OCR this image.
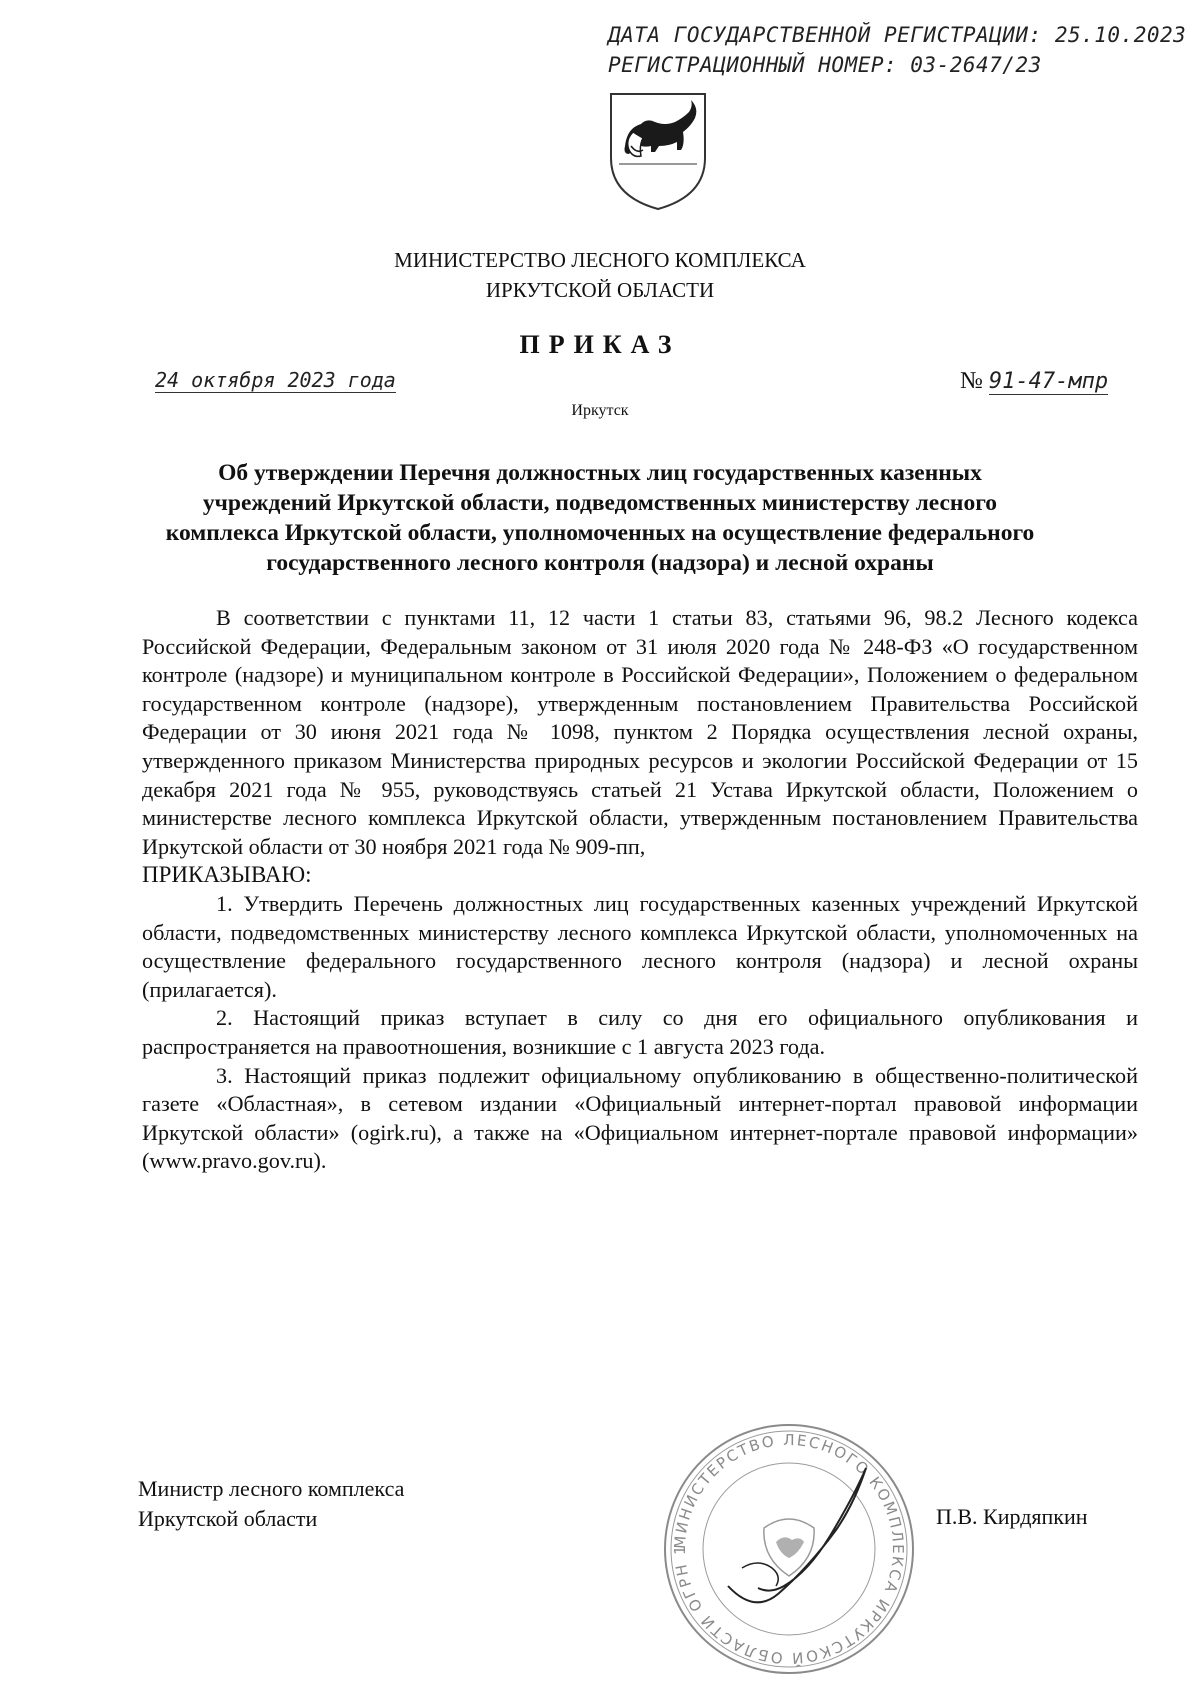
ДАТА ГОСУДАРСТВЕННОЙ РЕГИСТРАЦИИ: 25.10.2023
РЕГИСТРАЦИОННЫЙ НОМЕР: 03-2647/23
МИНИСТЕРСТВО ЛЕСНОГО КОМПЛЕКСА
ИРКУТСКОЙ ОБЛАСТИ
ПРИКАЗ
24 октября 2023 года	№ 91-47-мпр
Иркутск
Об утверждении Перечня должностных лиц государственных казенных учреждений Иркутской области, подведомственных министерству лесного комплекса Иркутской области, уполномоченных на осуществление федерального государственного лесного контроля (надзора) и лесной охраны

В соответствии с пунктами 11, 12 части 1 статьи 83, статьями 96, 98.2 Лесного кодекса Российской Федерации, Федеральным законом от 31 июля 2020 года № 248-ФЗ «О государственном контроле (надзоре) и муниципальном контроле в Российской Федерации», Положением о федеральном государственном контроле (надзоре), утвержденным постановлением Правительства Российской Федерации от 30 июня 2021 года № 1098, пунктом 2 Порядка осуществления лесной охраны, утвержденного приказом Министерства природных ресурсов и экологии Российской Федерации от 15 декабря 2021 года № 955, руководствуясь статьей 21 Устава Иркутской области, Положением о министерстве лесного комплекса Иркутской области, утвержденным постановлением Правительства Иркутской области от 30 ноября 2021 года № 909-пп,

ПРИКАЗЫВАЮ:

1. Утвердить Перечень должностных лиц государственных казенных учреждений Иркутской области, подведомственных министерству лесного комплекса Иркутской области, уполномоченных на осуществление федерального государственного лесного контроля (надзора) и лесной охраны (прилагается).

2. Настоящий приказ вступает в силу со дня его официального опубликования и распространяется на правоотношения, возникшие с 1 августа 2023 года.

3. Настоящий приказ подлежит официальному опубликованию в общественно-политической газете «Областная», в сетевом издании «Официальный интернет-портал правовой информации Иркутской области» (ogirk.ru), а также на «Официальном интернет-портале правовой информации» (www.pravo.gov.ru).

Министр лесного комплекса
Иркутской области
МИНИСТЕРСТВО ЛЕСНОГО КОМПЛЕКСА ИРКУТСКОЙ ОБЛАСТИ ОГРН 1
П.В. Кирдяпкин
